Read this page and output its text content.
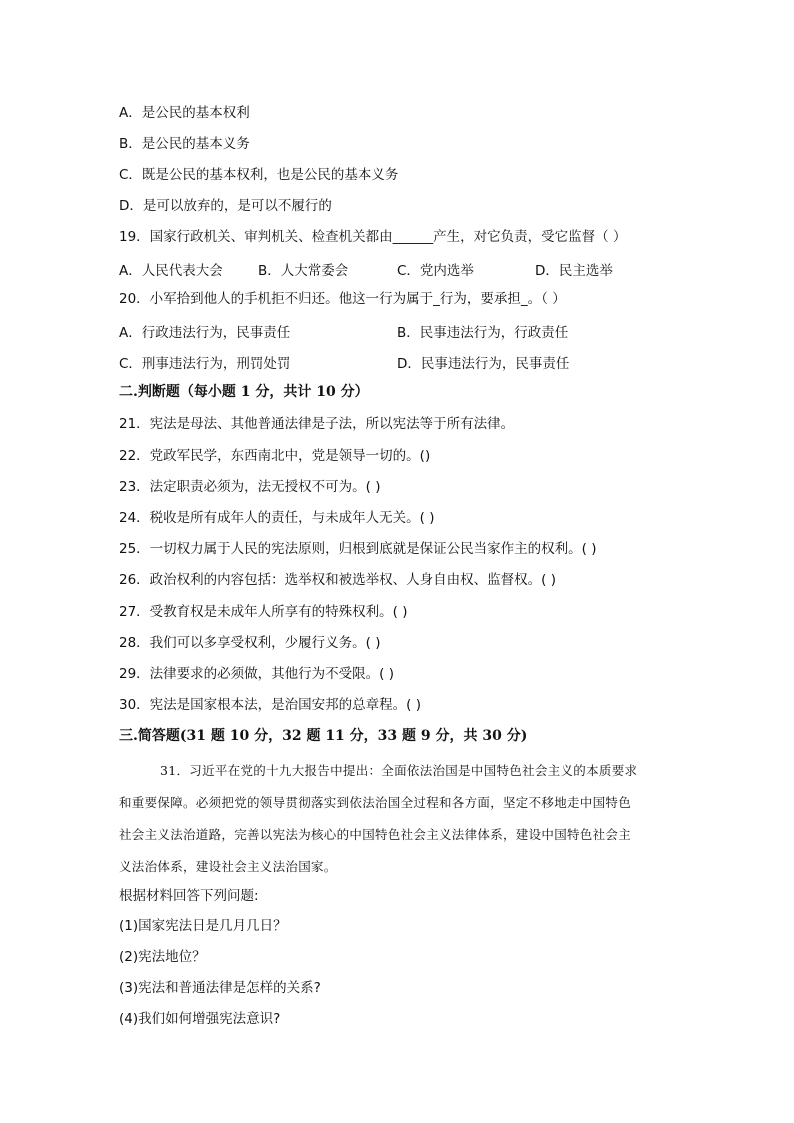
A．是公民的基本权利
B．是公民的基本义务
C．既是公民的基本权利，也是公民的基本义务
D．是可以放弃的，是可以不履行的
19．国家行政机关、审判机关、检查机关都由______产生，对它负责，受它监督（ ）
A．人民代表大会	B．人大常委会	C．党内选举	D．民主选举
20．小军拾到他人的手机拒不归还。他这一行为属于_行为，要承担_。（ ）
A．行政违法行为，民事责任	B．民事违法行为，行政责任
C．刑事违法行为，刑罚处罚	D．民事违法行为，民事责任
二.判断题（每小题 1 分，共计 10 分）
21．宪法是母法、其他普通法律是子法，所以宪法等于所有法律。
22．党政军民学，东西南北中，党是领导一切的。()
23．法定职责必须为，法无授权不可为。( )
24．税收是所有成年人的责任，与未成年人无关。( )
25．一切权力属于人民的宪法原则，归根到底就是保证公民当家作主的权利。( )
26．政治权利的内容包括：选举权和被选举权、人身自由权、监督权。( )
27．受教育权是未成年人所享有的特殊权利。( )
28．我们可以多享受权利，少履行义务。( )
29．法律要求的必须做，其他行为不受限。( )
30．宪法是国家根本法，是治国安邦的总章程。( )
三.简答题(31 题 10 分，32 题 11 分，33 题 9 分，共 30 分)
31．习近平在党的十九大报告中提出：全面依法治国是中国特色社会主义的本质要求
和重要保障。必须把党的领导贯彻落实到依法治国全过程和各方面，坚定不移地走中国特色
社会主义法治道路，完善以宪法为核心的中国特色社会主义法律体系，建设中国特色社会主
义法治体系，建设社会主义法治国家。
根据材料回答下列问题:
(1)国家宪法日是几月几日？
(2)宪法地位？
(3)宪法和普通法律是怎样的关系?
(4)我们如何增强宪法意识?
